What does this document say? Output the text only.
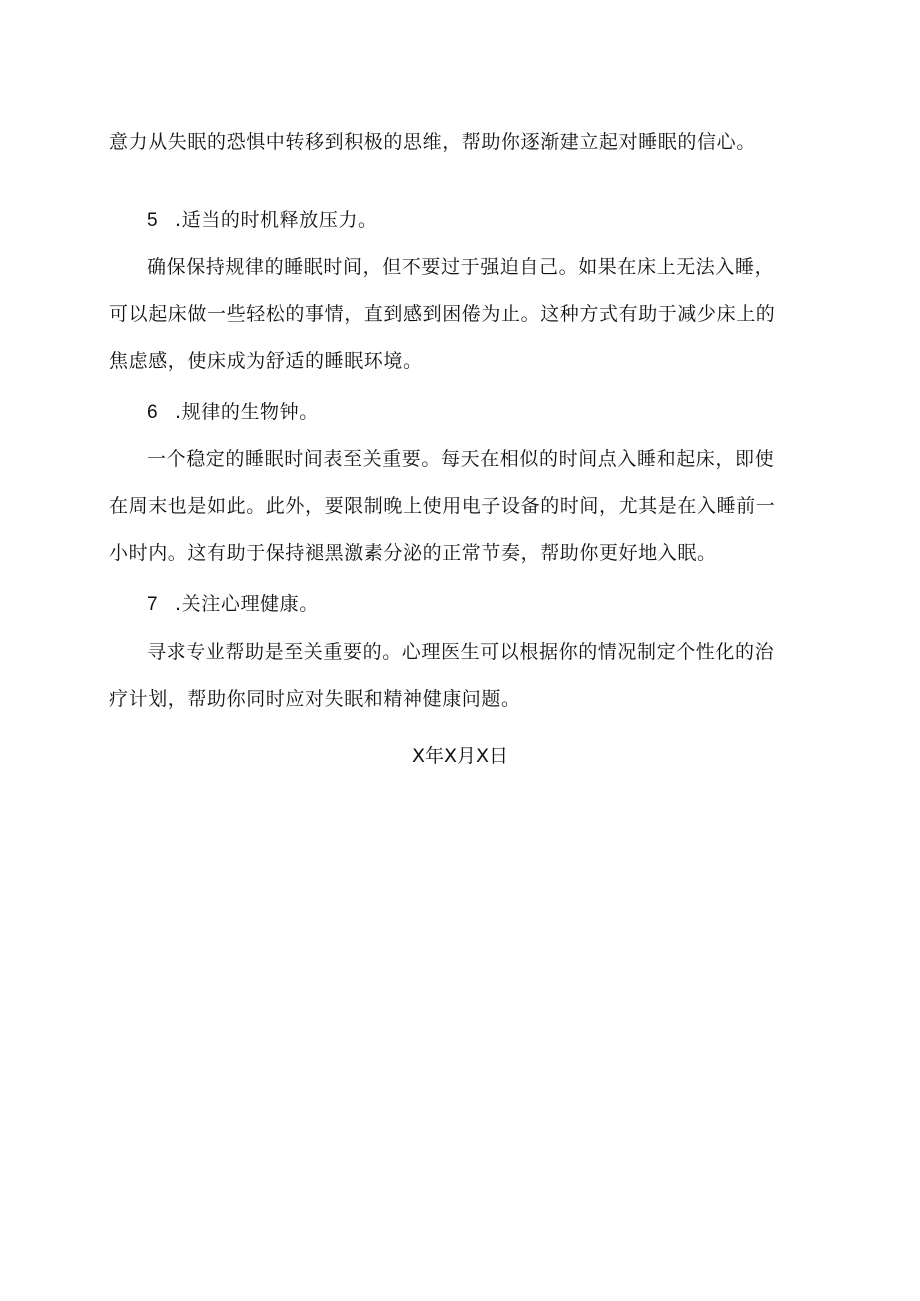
意力从失眠的恐惧中转移到积极的思维，帮助你逐渐建立起对睡眠的信心。
5 .适当的时机释放压力。
确保保持规律的睡眠时间，但不要过于强迫自己。如果在床上无法入睡，
可以起床做一些轻松的事情，直到感到困倦为止。这种方式有助于减少床上的
焦虑感，使床成为舒适的睡眠环境。
6 .规律的生物钟。
一个稳定的睡眠时间表至关重要。每天在相似的时间点入睡和起床，即使
在周末也是如此。此外，要限制晚上使用电子设备的时间，尤其是在入睡前一
小时内。这有助于保持褪黑激素分泌的正常节奏，帮助你更好地入眠。
7 .关注心理健康。
寻求专业帮助是至关重要的。心理医生可以根据你的情况制定个性化的治
疗计划，帮助你同时应对失眠和精神健康问题。
X年X月X日
